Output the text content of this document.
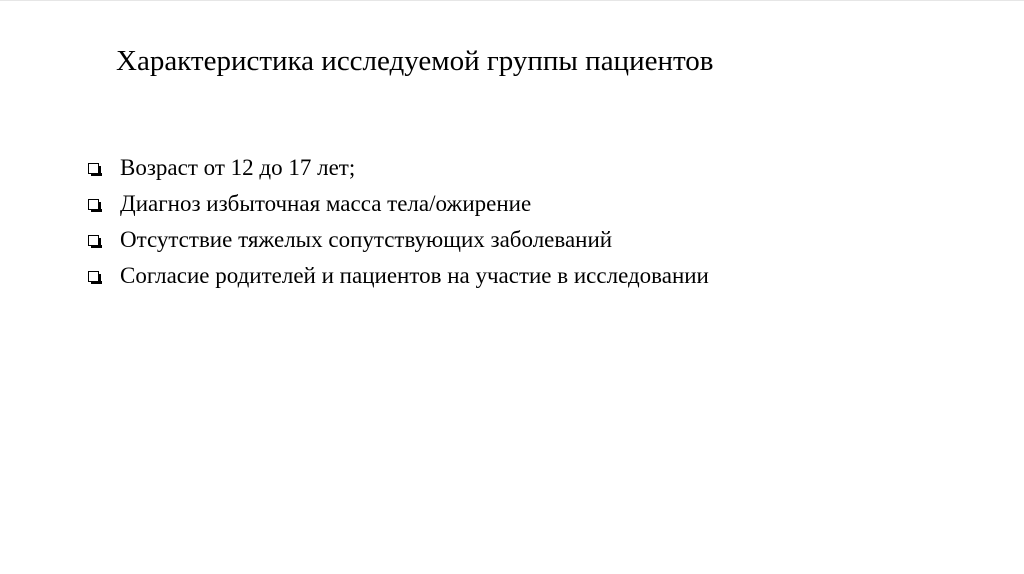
Характеристика исследуемой группы пациентов
Возраст от 12 до 17 лет;
Диагноз избыточная масса тела/ожирение
Отсутствие тяжелых сопутствующих заболеваний
Согласие родителей и пациентов на участие в исследовании
